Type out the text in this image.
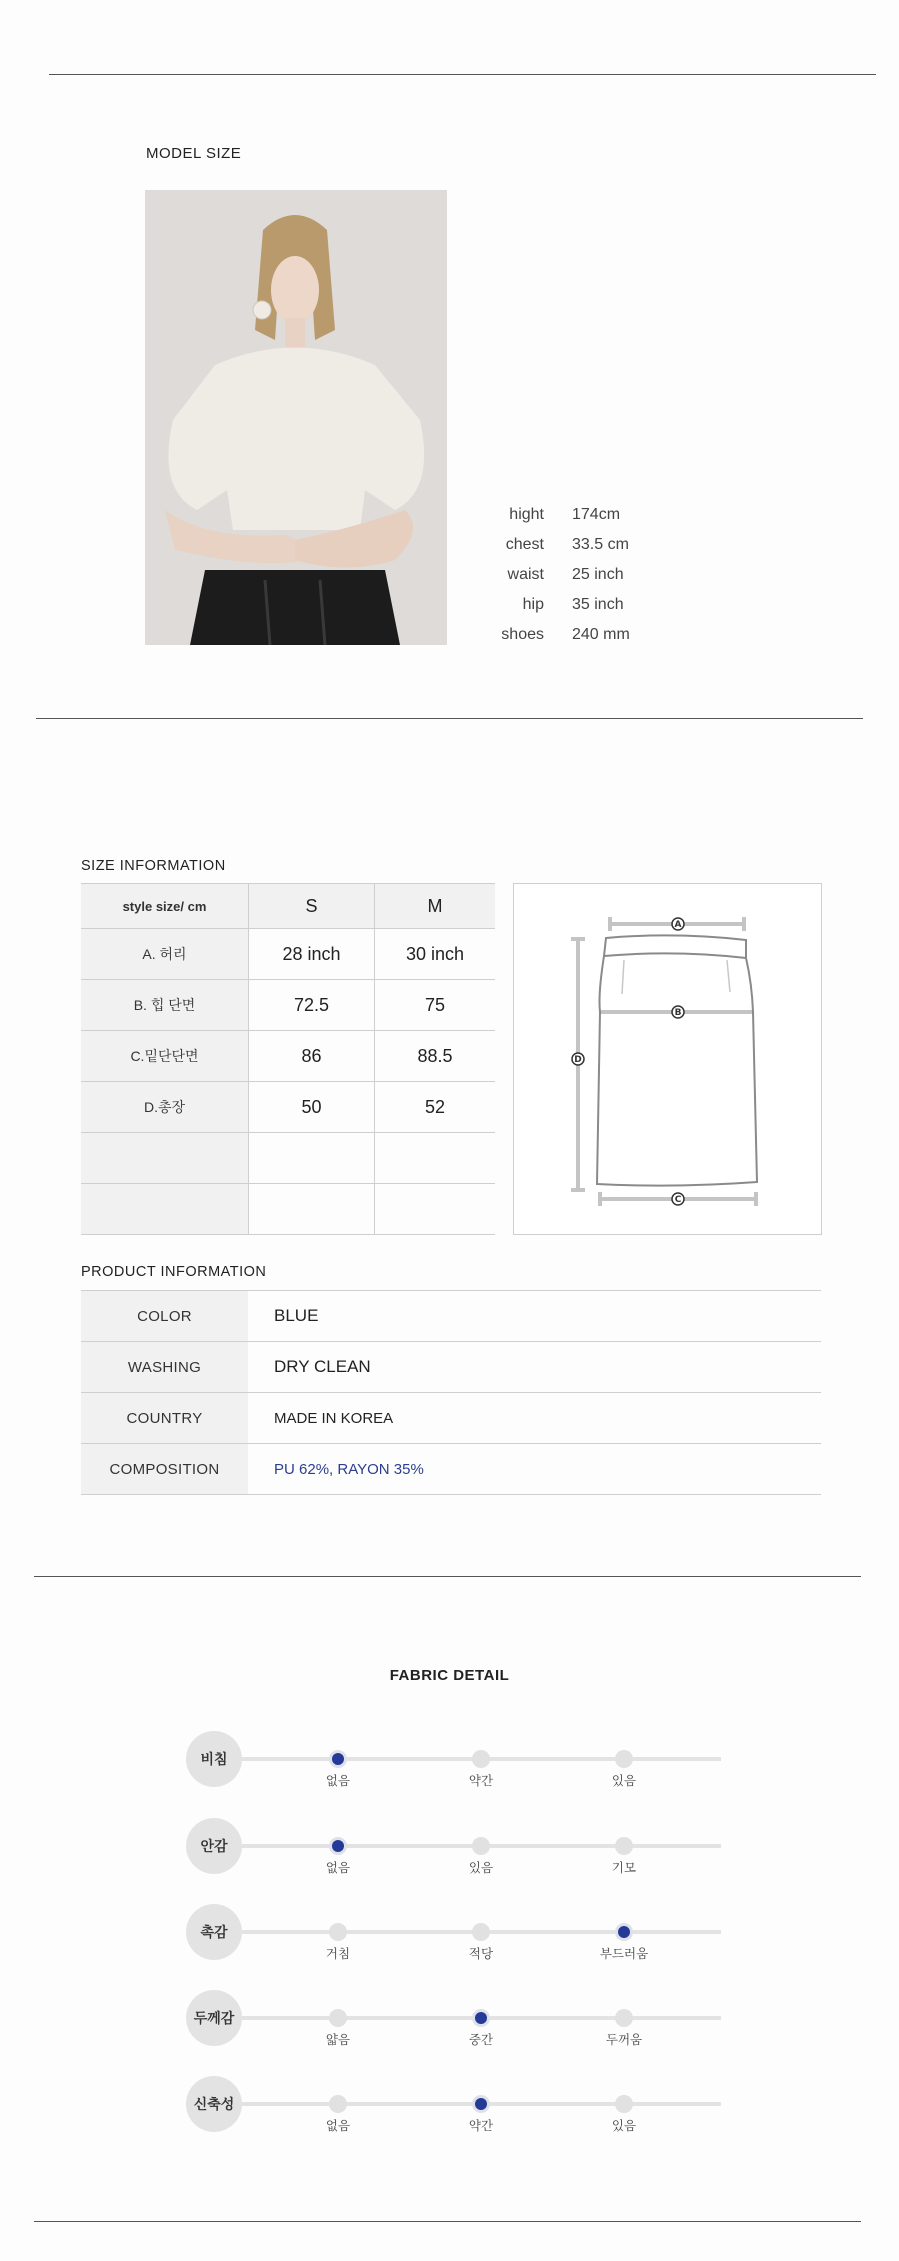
MODEL SIZE
hight 174cm
chest 33.5 cm
waist 25 inch
hip 35 inch
shoes 240 mm
SIZE INFORMATION
style size/ cm	S	M
A. 허리	28 inch	30 inch
B. 힙 단면	72.5	75
C.밑단단면	86	88.5
D.총장	50	52

A
B
C
D
PRODUCT INFORMATION
COLOR	BLUE
WASHING	DRY CLEAN
COUNTRY	MADE IN KOREA
COMPOSITION	PU 62%, RAYON 35%
FABRIC DETAIL
비침
없음	약간	있음
안감
없음	있음	기모
촉감
거침	적당	부드러움
두께감
얇음	중간	두꺼움
신축성
없음	약간	있음
